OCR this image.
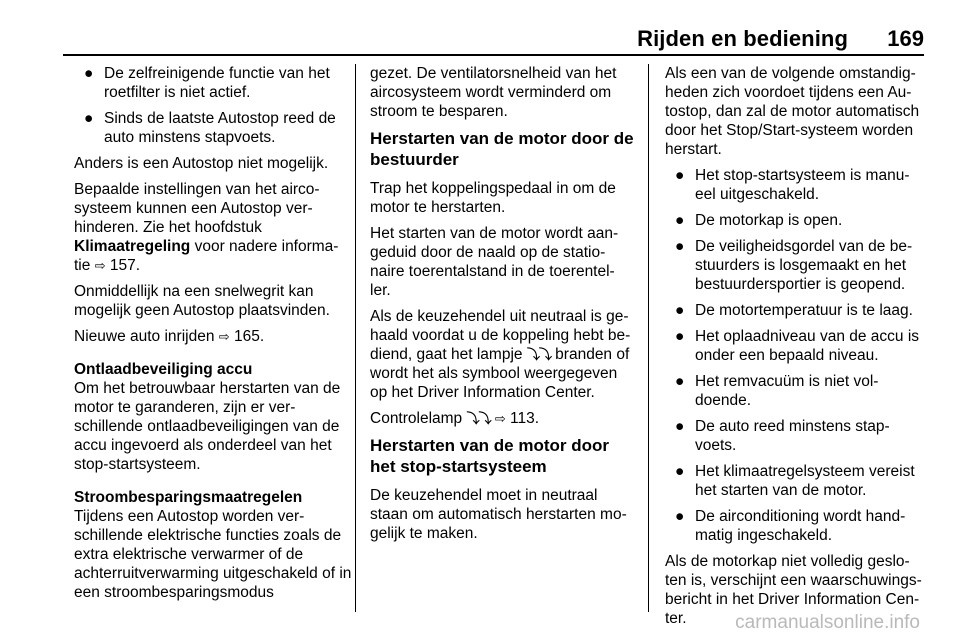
Rijden en bediening 169
● De zelfreinigende functie van het roetfilter is niet actief.
● Sinds de laatste Autostop reed de auto minstens stapvoets.

Anders is een Autostop niet mogelijk.

Bepaalde instellingen van het airco-systeem kunnen een Autostop ver-hinderen. Zie het hoofdstuk
Klimaatregeling voor nadere informa-tie ⇨ 157.

Onmiddellijk na een snelwegrit kan mogelijk geen Autostop plaatsvinden.

Nieuwe auto inrijden ⇨ 165.

Ontlaadbeveiliging accu

Om het betrouwbaar herstarten van de motor te garanderen, zijn er ver-schillende ontlaadbeveiligingen van de accu ingevoerd als onderdeel van het stop-startsysteem.

Stroombesparingsmaatregelen

Tijdens een Autostop worden ver-schillende elektrische functies zoals de extra elektrische verwarmer of de achterruitverwarming uitgeschakeld of in een stroombesparingsmodus

gezet. De ventilatorsnelheid van het aircosysteem wordt verminderd om stroom te besparen.

Herstarten van de motor door de bestuurder

Trap het koppelingspedaal in om de motor te herstarten.

Het starten van de motor wordt aan-geduid door de naald op de statio-naire toerentalstand in de toerentel-ler.

Als de keuzehendel uit neutraal is ge-haald voordat u de koppeling hebt be-diend, gaat het lampje ⤵⤵ branden of wordt het als symbool weergegeven op het Driver Information Center.

Controlelamp ⤵⤵ ⇨ 113.

Herstarten van de motor door het stop-startsysteem

De keuzehendel moet in neutraal staan om automatisch herstarten mo-gelijk te maken.

Als een van de volgende omstandig-heden zich voordoet tijdens een Au-tostop, dan zal de motor automatisch door het Stop/Start-systeem worden herstart.

● Het stop-startsysteem is manu-eel uitgeschakeld.
● De motorkap is open.
● De veiligheidsgordel van de be-stuurders is losgemaakt en het bestuurdersportier is geopend.
● De motortemperatuur is te laag.
● Het oplaadniveau van de accu is onder een bepaald niveau.
● Het remvacuüm is niet vol-doende.
● De auto reed minstens stap-voets.
● Het klimaatregelsysteem vereist het starten van de motor.
● De airconditioning wordt hand-matig ingeschakeld.

Als de motorkap niet volledig geslo-ten is, verschijnt een waarschuwings-bericht in het Driver Information Cen-ter.	carmanualsonline.info
